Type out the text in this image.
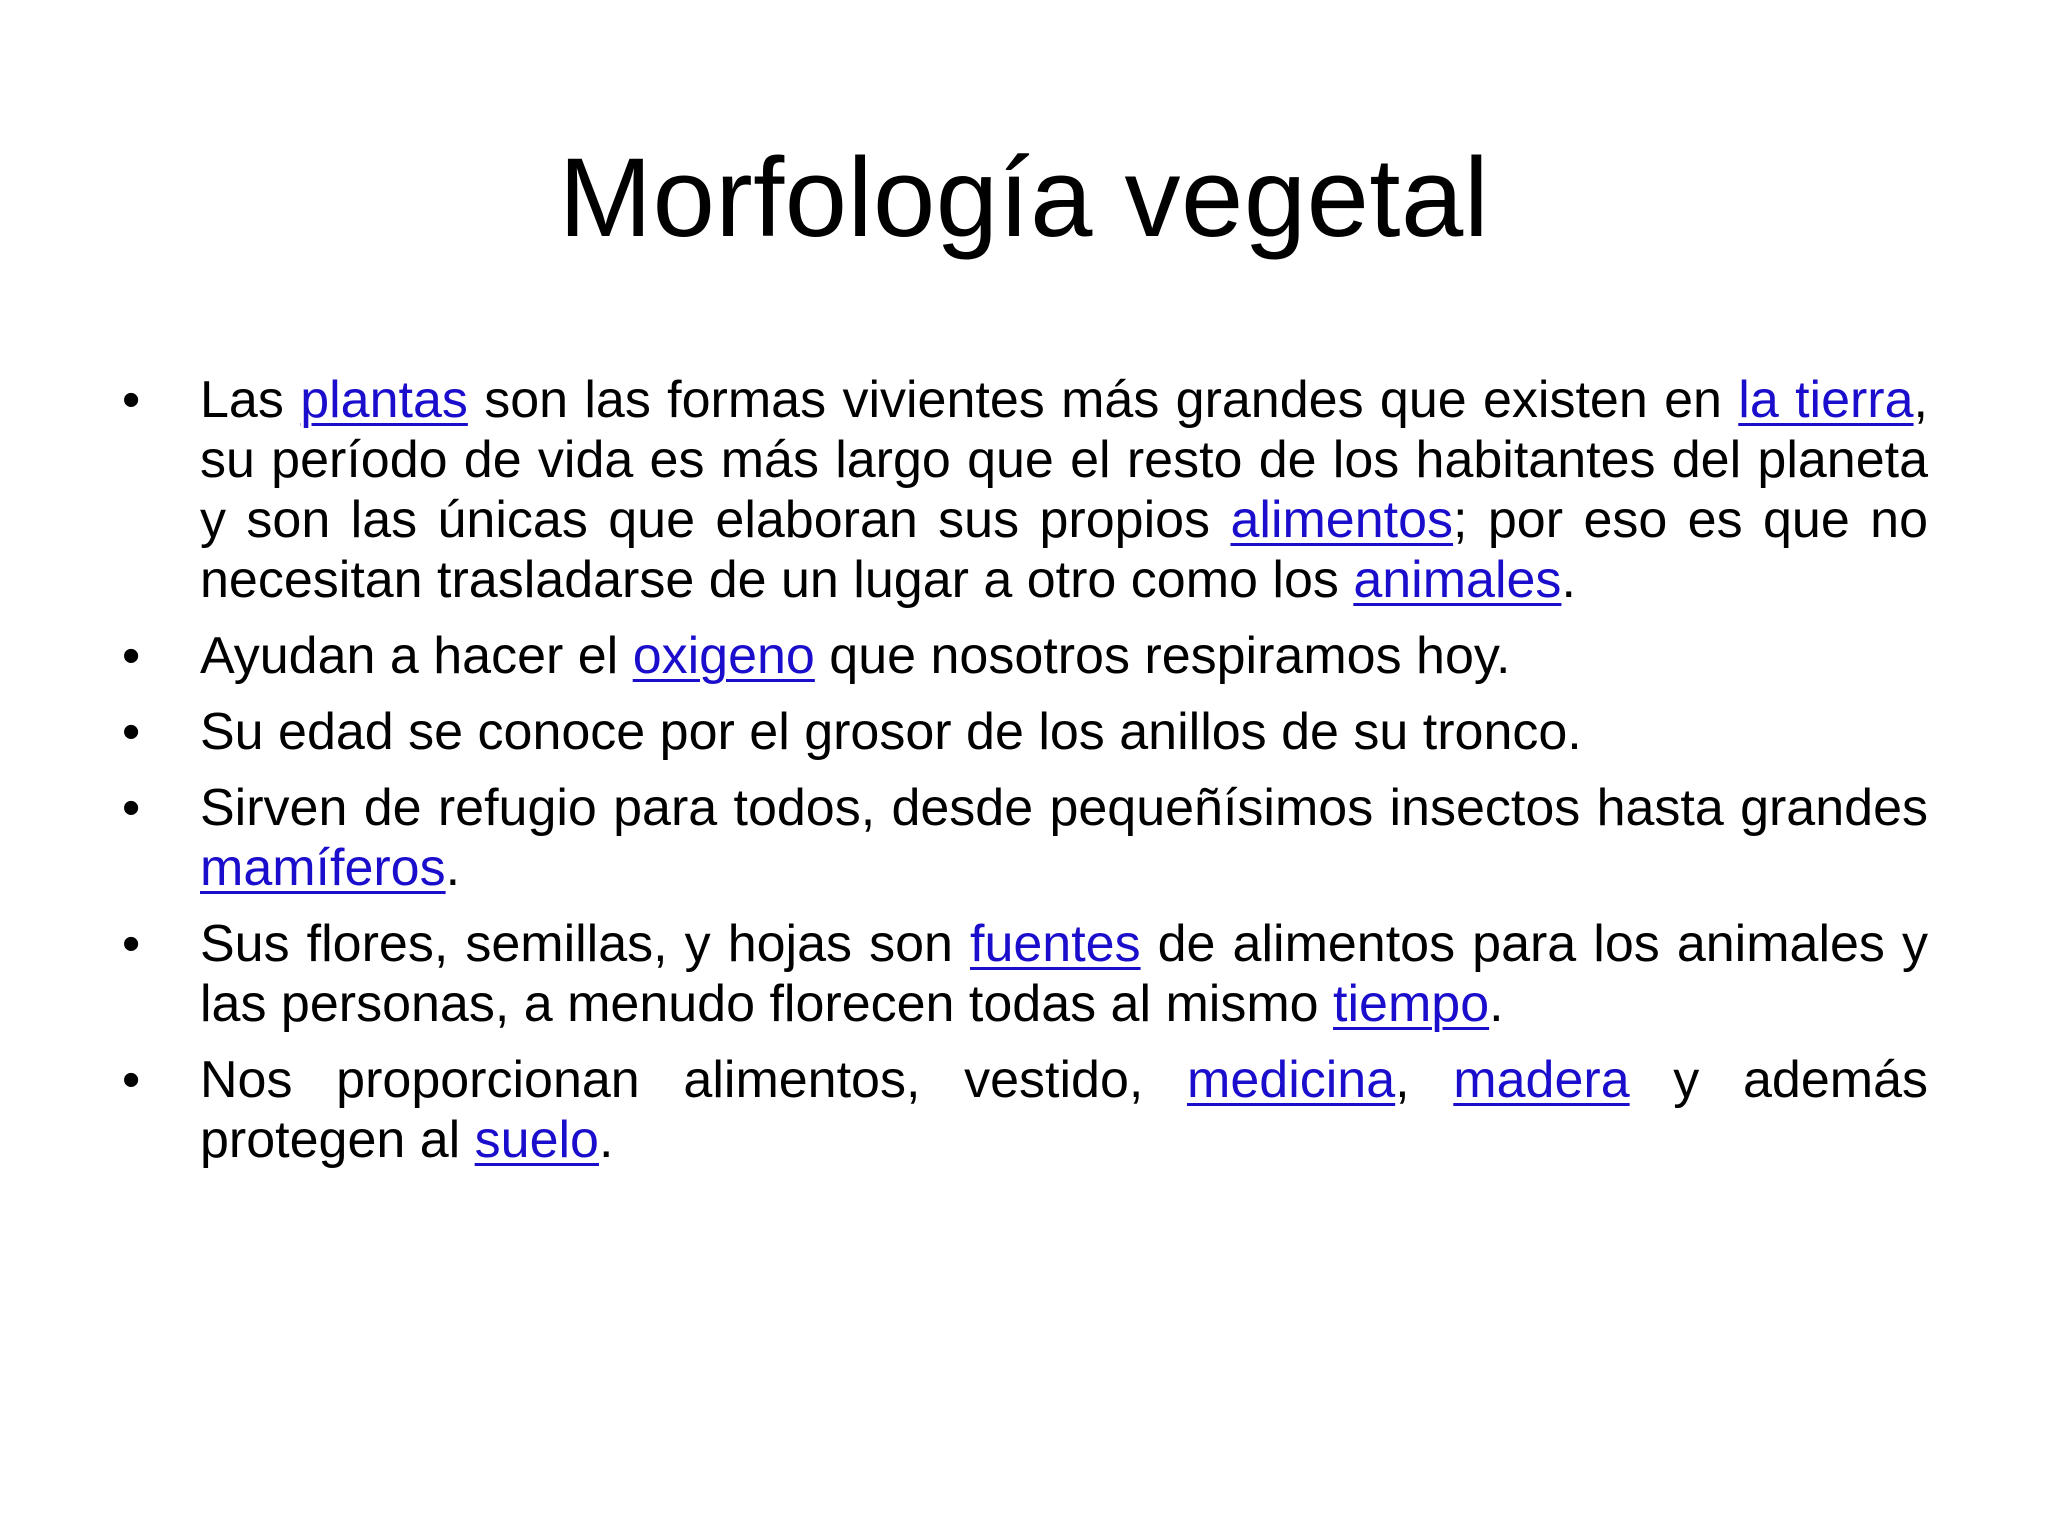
Morfología vegetal
• Las plantas son las formas vivientes más grandes que existen en la tierra, su período de vida es más largo que el resto de los habitantes del planeta y son las únicas que elaboran sus propios alimentos; por eso es que no necesitan trasladarse de un lugar a otro como los animales.
• Ayudan a hacer el oxigeno que nosotros respiramos hoy.
• Su edad se conoce por el grosor de los anillos de su tronco.
• Sirven de refugio para todos, desde pequeñísimos insectos hasta grandes mamíferos.
• Sus flores, semillas, y hojas son fuentes de alimentos para los animales y las personas, a menudo florecen todas al mismo tiempo.
• Nos proporcionan alimentos, vestido, medicina, madera y además protegen al suelo.
